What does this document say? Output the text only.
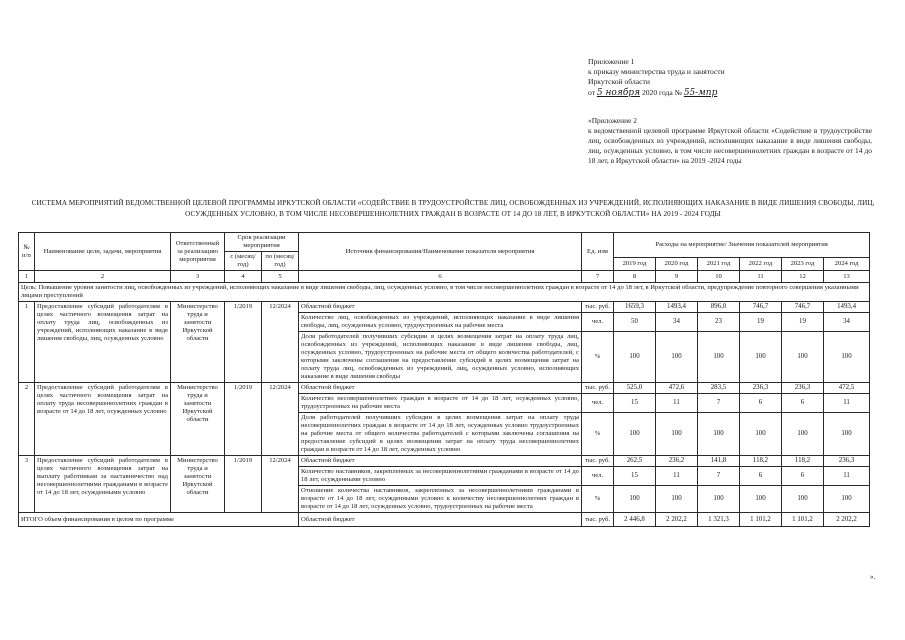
Приложение 1
к приказу министерства труда и занятости
Иркутской области
от 5 ноября 2020 года № 55-мпр
«Приложение 2
к ведомственной целевой программе Иркутской области «Содействие в трудоустройстве лиц, освобожденных из учреждений, исполняющих наказание в виде лишения свободы, лиц, осужденных условно, в том числе несовершеннолетних граждан в возрасте от 14 до 18 лет, в Иркутской области» на 2019 -2024 годы
СИСТЕМА МЕРОПРИЯТИЙ ВЕДОМСТВЕННОЙ ЦЕЛЕВОЙ ПРОГРАММЫ ИРКУТСКОЙ ОБЛАСТИ «СОДЕЙСТВИЕ В ТРУДОУСТРОЙСТВЕ ЛИЦ, ОСВОБОЖДЕННЫХ ИЗ УЧРЕЖДЕНИЙ, ИСПОЛНЯЮЩИХ НАКАЗАНИЕ В ВИДЕ ЛИШЕНИЯ СВОБОДЫ, ЛИЦ, ОСУЖДЕННЫХ УСЛОВНО, В ТОМ ЧИСЛЕ НЕСОВЕРШЕННОЛЕТНИХ ГРАЖДАН В ВОЗРАСТЕ ОТ 14 ДО 18 ЛЕТ, В ИРКУТСКОЙ ОБЛАСТИ» НА 2019 - 2024 ГОДЫ
№ п/п	Наименование цели, задачи, мероприятия	Ответственный за реализацию мероприятия	Срок реализации мероприятия		Источник финансирования/Наименование показателя мероприятия	Ед. изм	Расходы на мероприятие/ Значения показателей мероприятия					
			с (месяц/ год)	по (месяц/ год)								
							2019 год	2020 год	2021 год	2022 год	2023 год	2024 год
1	2	3	4	5	6	7	8	9	10	11	12	13
Цель: Повышение уровня занятости лиц, освобожденных из учреждений, исполняющих наказание в виде лишения свободы, лиц, осужденных условно, в том числе несовершеннолетних граждан в возрасте от 14 до 18 лет, в Иркутской области, предупреждение повторного совершения указанными лицами преступлений												
1	Предоставление субсидий работодателям в целях частичного возмещения затрат на оплату труда лиц, освобожденных из учреждений, исполняющих наказание в виде лишения свободы, лиц, осужденных условно	Министерство труда и занятости Иркутской области	1/2019	12/2024	Областной бюджет	тыс. руб.	1659,3	1493,4	896,0	746,7	746,7	1493,4
					Количество лиц, освобожденных из учреждений, исполняющих наказание в виде лишения свободы, лиц, осужденных условно, трудоустроенных на рабочие места	чел.	50	34	23	19	19	34
					Доля работодателей получивших субсидии в целях возмещения затрат на оплату труда лиц, освобожденных из учреждений, исполняющих наказание в виде лишения свободы, лиц, осужденных условно, трудоустроенных на рабочие места от общего количества работодателей, с которыми заключены соглашения на предоставление субсидий в целях возмещения затрат на оплату труда лиц, освобожденных из учреждений, лиц, осужденных условно, исполняющих наказание в виде лишения свободы	%	100	100	100	100	100	100
2	Предоставление субсидий работодателям в целях частичного возмещения затрат на оплату труда несовершеннолетних граждан в возрасте от 14 до 18 лет, осужденных условно	Министерство труда и занятости Иркутской области	1/2019	12/2024	Областной бюджет	тыс. руб.	525,0	472,6	283,5	236,3	236,3	472,5
					Количество несовершеннолетних граждан в возрасте от 14 до 18 лет, осужденных условно, трудоустроенных на рабочие места	чел.	15	11	7	6	6	11
					Доля работодателей получивших субсидии в целях возмещения затрат на оплату труда несовершеннолетних граждан в возрасте от 14 до 18 лет, осужденных условно трудоустроенных на рабочие места от общего количества работодателей с которыми заключены соглашения на предоставление субсидий в целях возмещения затрат на оплату труда несовершеннолетних граждан в возрасте от 14 до 18 лет, осужденных условно	%	100	100	100	100	100	100
3	Предоставление субсидий работодателям в целях частичного возмещения затрат на выплату работникам за наставничество над несовершеннолетними гражданами в возрасте от 14 до 18 лет, осужденными условно	Министерство труда и занятости Иркутской области	1/2019	12/2024	Областной бюджет	тыс. руб.	262,5	236,2	141,8	118,2	118,2	236,3
					Количество наставников, закрепленных за несовершеннолетними гражданами в возрасте от 14 до 18 лет, осужденными условно	чел.	15	11	7	6	6	11
					Отношение количества наставников, закрепленных за несовершеннолетними гражданами в возрасте от 14 до 18 лет, осужденными условно к количеству несовершеннолетних граждан в возрасте от 14 до 18 лет, осужденных условно, трудоустроенных на рабочие места	%	100	100	100	100	100	100
ИТОГО объем финансирования в целом по программе					Областной бюджет	тыс. руб.	2 446,8	2 202,2	1 321,3	1 101,2	1 101,2	2 202,2
».
